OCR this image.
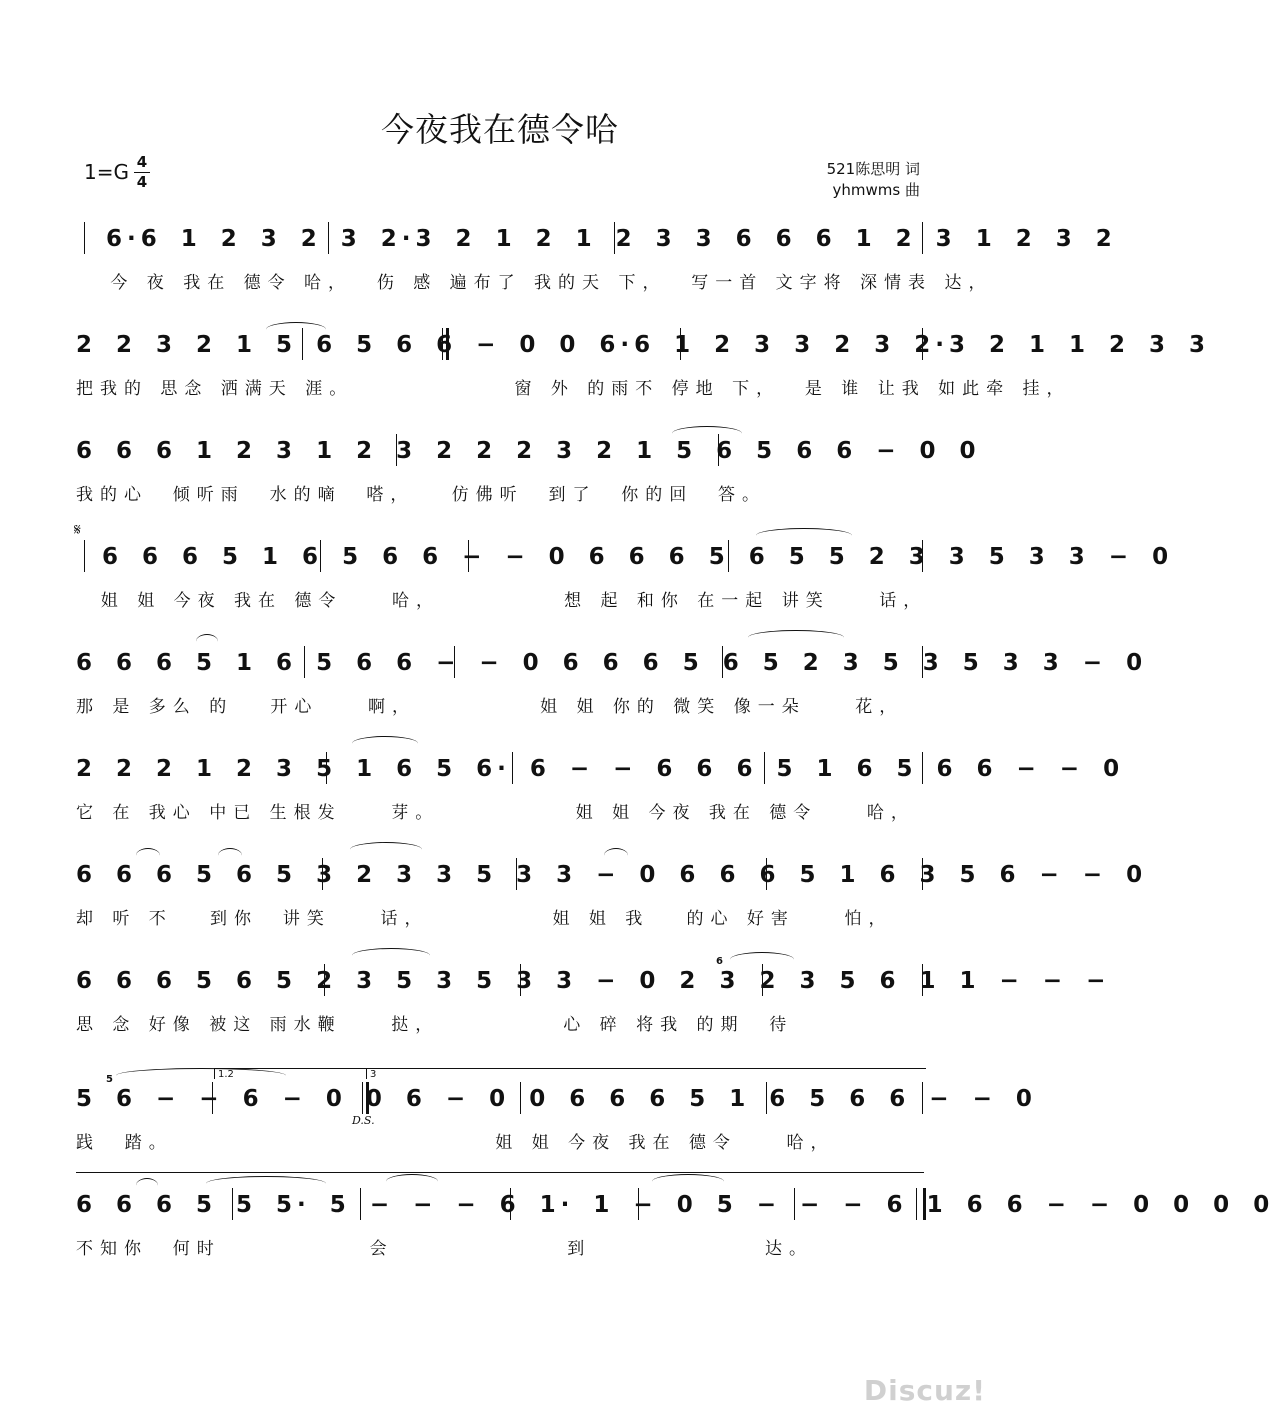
今夜我在德令哈
1=G 4
4
521陈思明 词
yhmwms 曲
𝄋
D.S.
1.2	3
6
5
6·6 1 2 3 2 3 2·3 2 1 2 1 2 3 3 6 6 6 1 2 3 1 2 3 2
今 夜 我在 德令 哈，  伤 感 遍布了 我的天 下，  写一首 文字将 深情表 达，
2 2 3 2 1 5 6 5 6 6 − 0 0 6·6 1 2 3 3 2 3 2·3 2 1 1 2 3 3
把我的 思念 洒满天 涯。             窗 外 的雨不 停地 下，  是 谁 让我 如此牵 挂，
6 6 6 1 2 3 1 2 3 2 2 2 3 2 1 5 6 5 6 6 − 0 0
我的心  倾听雨  水的嘀  嗒，   仿佛听  到了  你的回  答。
6 6 6 5 1 6 5 6 6 − − 0 6 6 6 5 6 5 5 2 3 3 5 3 3 − 0
姐 姐 今夜 我在 德令    哈，          想 起 和你 在一起 讲笑    话，
6 6 6 5 1 6 5 6 6 − − 0 6 6 6 5 6 5 2 3 5 3 5 3 3 − 0
那 是 多么 的   开心    啊，          姐 姐 你的 微笑 像一朵    花，
2 2 2 1 2 3 5 1 6 5 6· 6 − − 6 6 6 5 1 6 5 6 6 − − 0
它 在 我心 中已 生根发    芽。           姐 姐 今夜 我在 德令    哈，
6 6 6 5 6 5 3 2 3 3 5 3 3 − 0 6 6 6 5 1 6 3 5 6 − − 0
却 听 不   到你  讲笑    话，          姐 姐 我   的心 好害    怕，
6 6 6 5 6 5 2 3 5 3 5 3 3 − 0 2 3 2 3 5 6 1 1 − − −
思 念 好像 被这 雨水鞭    挞，          心 碎 将我 的期  待
5 6 − − 6 − 0 0 6 − 0 0 6 6 6 5 1 6 5 6 6 − − 0
践  踏。                          姐 姐 今夜 我在 德令    哈，
6 6 6 5 5 5· 5 − − − 6 1· 1 − 0 5 − − − 6 1 6 6 − − 0 0 0 0
不知你  何时            会              到              达。
Discuz!
